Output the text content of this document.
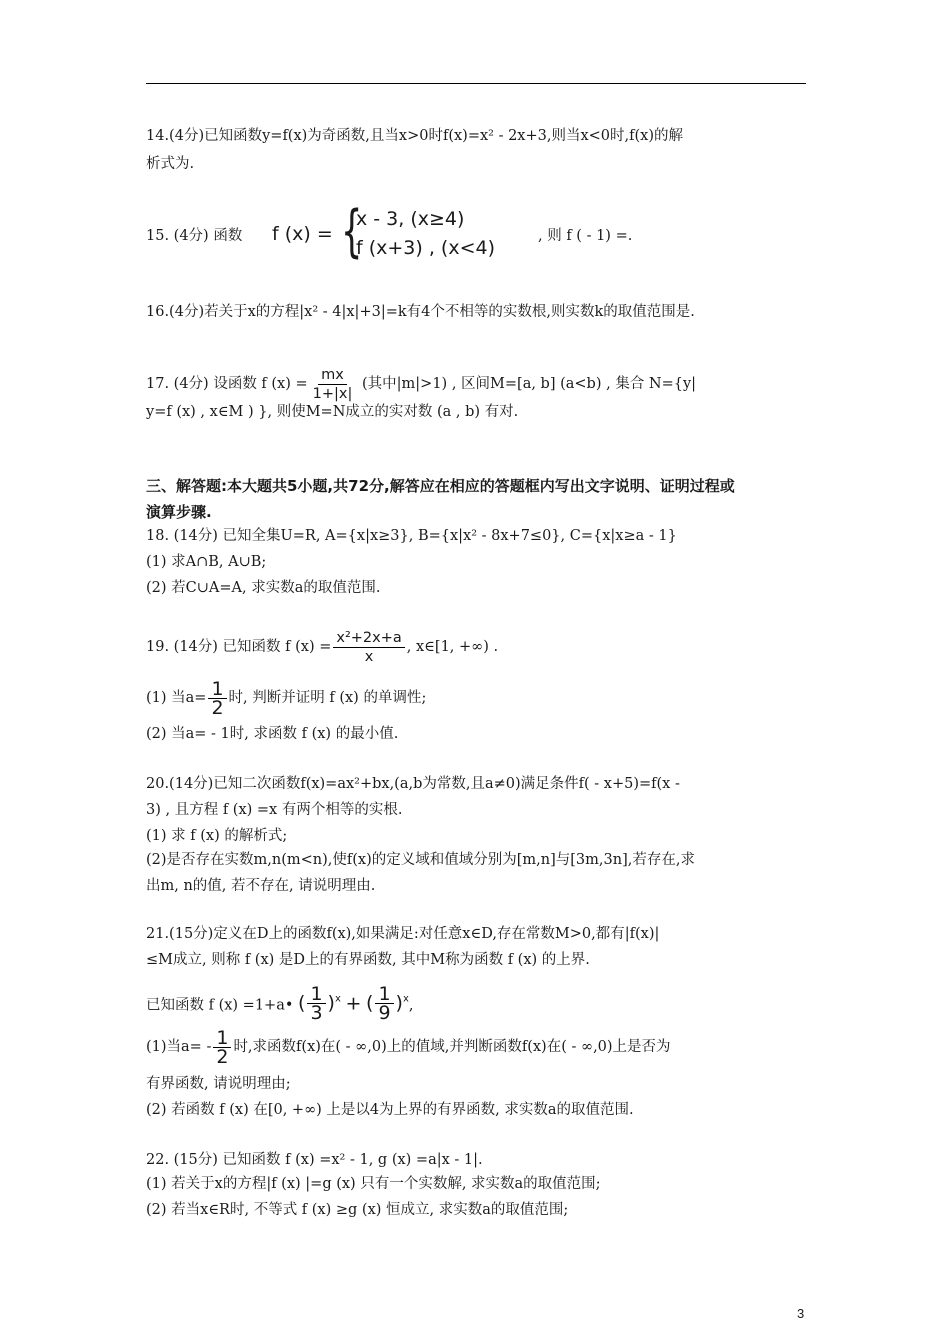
14.(4分)已知函数y=f(x)为奇函数,且当x>0时f(x)=x² - 2x+3,则当x<0时,f(x)的解
析式为.
15. (4分) 函数 f (x) = {
x - 3, (x≥4)
f (x+3) , (x<4)
, 则 f ( - 1) =.
16.(4分)若关于x的方程|x² - 4|x|+3|=k有4个不相等的实数根,则实数k的取值范围是.
17. (4分) 设函数 f $(x) = \frac{mx}{1+|x|}$ (其中|m|>1) , 区间M=[a, b] (a<b) , 集合 N={y|
y=f (x) , x∈M ) }, 则使M=N成立的实对数 (a , b) 有对.
三、解答题:本大题共5小题,共72分,解答应在相应的答题框内写出文字说明、证明过程或
演算步骤.
18. (14分) 已知全集U=R, A={x|x≥3}, B={x|x² - 8x+7≤0}, C={x|x≥a - 1}
(1) 求A∩B, A∪B;
(2) 若C∪A=A, 求实数a的取值范围.
19. (14分) 已知函数 f $(x) = \frac{\text{x²+2x+a}}{x}$ , x∈[1, +∞) .
(1) 当$a= \frac{1}{2}$ 时, 判断并证明 f (x) 的单调性;
(2) 当a= - 1时, 求函数 f (x) 的最小值.
20.(14分)已知二次函数f(x)=ax²+bx,(a,b为常数,且a≠0)满足条件f( - x+5)=f(x -
3) , 且方程 f (x) =x 有两个相等的实根.
(1) 求 f (x) 的解析式;
(2)是否存在实数m,n(m<n),使f(x)的定义域和值域分别为[m,n]与[3m,3n],若存在,求
出m, n的值, 若不存在, 请说明理由.
21.(15分)定义在D上的函数f(x),如果满足:对任意x∈D,存在常数M>0,都有|f(x)|
≤M成立, 则称 f (x) 是D上的有界函数, 其中M称为函数 f (x) 的上界.
已知函数 f (x) =1+a• ( $\frac{1}{3} )^x$ + ( $\frac{1}{9} )^x$,
(1)当$a= - \frac{1}{2}$ 时,求函数f(x)在( - ∞,0)上的值域,并判断函数f(x)在( - ∞,0)上是否为
有界函数, 请说明理由;
(2) 若函数 f (x) 在[0, +∞) 上是以4为上界的有界函数, 求实数a的取值范围.
22. (15分) 已知函数 f (x) =x² - 1, g (x) =a|x - 1|.
(1) 若关于x的方程|f (x) |=g (x) 只有一个实数解, 求实数a的取值范围;
(2) 若当x∈R时, 不等式 f (x) ≥g (x) 恒成立, 求实数a的取值范围;
3
